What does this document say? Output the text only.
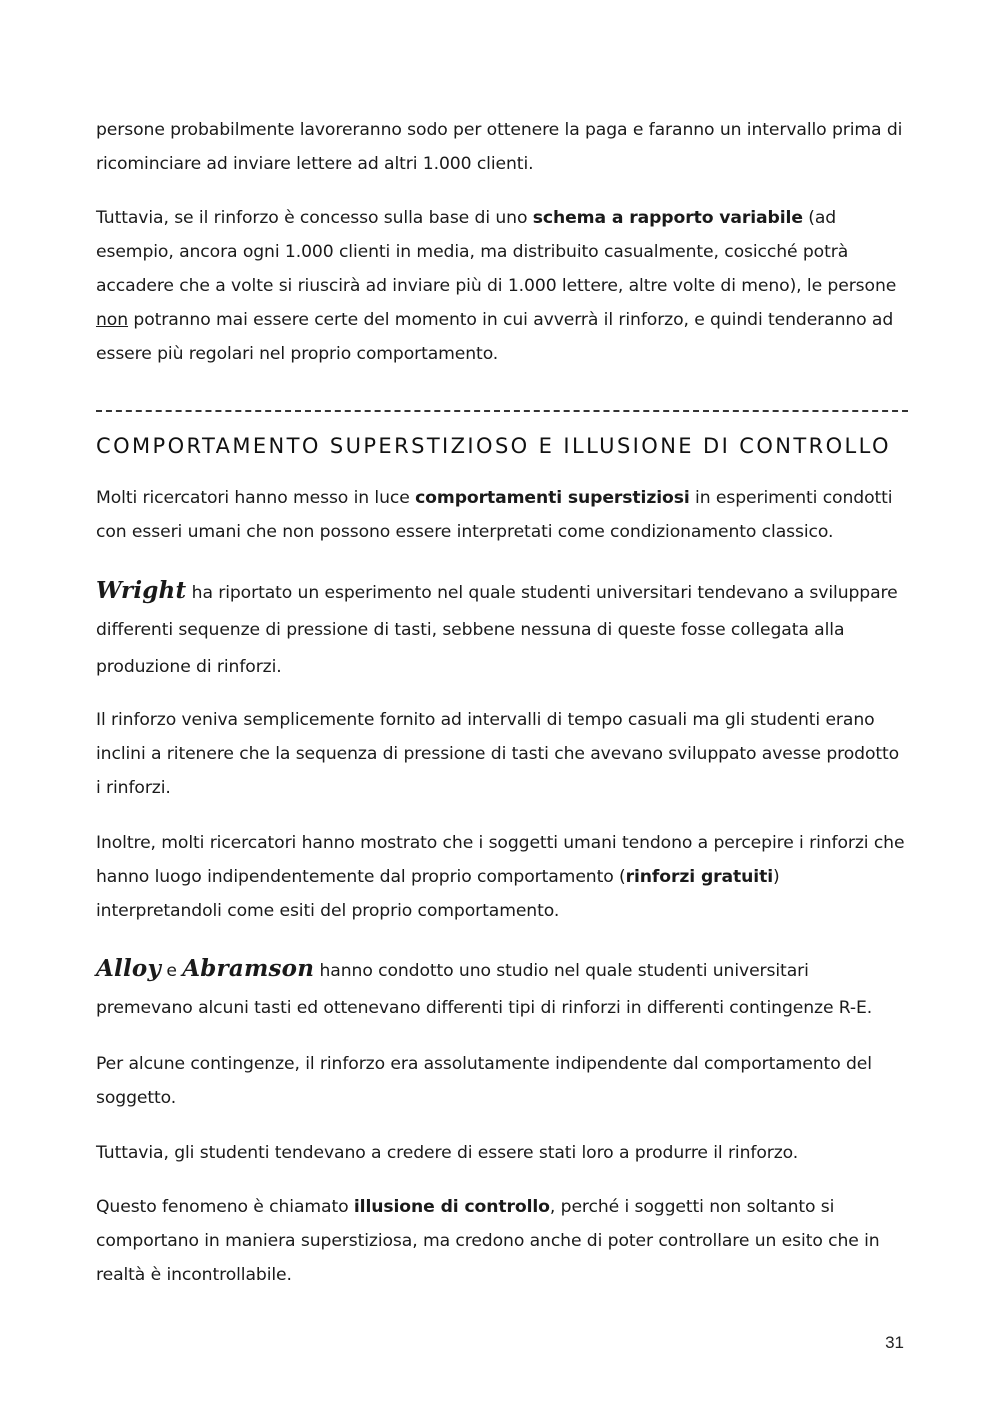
persone probabilmente lavoreranno sodo per ottenere la paga e faranno un intervallo prima di ricominciare ad inviare lettere ad altri 1.000 clienti.

Tuttavia, se il rinforzo è concesso sulla base di uno schema a rapporto variabile (ad esempio, ancora ogni 1.000 clienti in media, ma distribuito casualmente, cosicché potrà accadere che a volte si riuscirà ad inviare più di 1.000 lettere, altre volte di meno), le persone non potranno mai essere certe del momento in cui avverrà il rinforzo, e quindi tenderanno ad essere più regolari nel proprio comportamento.

COMPORTAMENTO SUPERSTIZIOSO E ILLUSIONE DI CONTROLLO

Molti ricercatori hanno messo in luce comportamenti superstiziosi in esperimenti condotti con esseri umani che non possono essere interpretati come condizionamento classico.

Wright ha riportato un esperimento nel quale studenti universitari tendevano a sviluppare differenti sequenze di pressione di tasti, sebbene nessuna di queste fosse collegata alla produzione di rinforzi.

Il rinforzo veniva semplicemente fornito ad intervalli di tempo casuali ma gli studenti erano inclini a ritenere che la sequenza di pressione di tasti che avevano sviluppato avesse prodotto i rinforzi.

Inoltre, molti ricercatori hanno mostrato che i soggetti umani tendono a percepire i rinforzi che hanno luogo indipendentemente dal proprio comportamento (rinforzi gratuiti) interpretandoli come esiti del proprio comportamento.

Alloy e Abramson hanno condotto uno studio nel quale studenti universitari premevano alcuni tasti ed ottenevano differenti tipi di rinforzi in differenti contingenze R-E.

Per alcune contingenze, il rinforzo era assolutamente indipendente dal comportamento del soggetto.

Tuttavia, gli studenti tendevano a credere di essere stati loro a produrre il rinforzo.

Questo fenomeno è chiamato illusione di controllo, perché i soggetti non soltanto si comportano in maniera superstiziosa, ma credono anche di poter controllare un esito che in realtà è incontrollabile.

31
